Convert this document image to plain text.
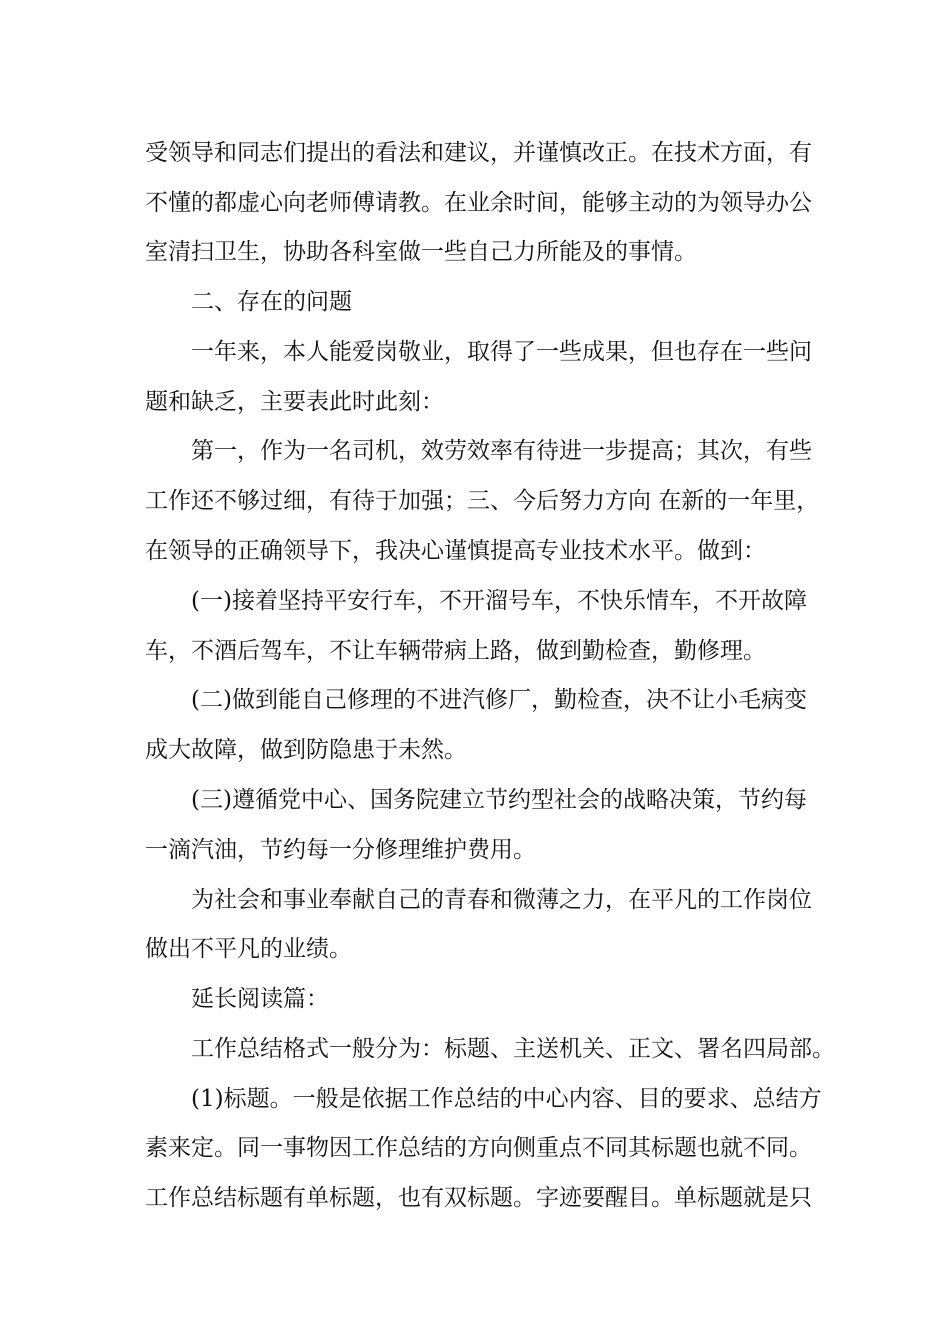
受领导和同志们提出的看法和建议，并谨慎改正。在技术方面，有
不懂的都虚心向老师傅请教。在业余时间，能够主动的为领导办公
室清扫卫生，协助各科室做一些自己力所能及的事情。
二、存在的问题
一年来，本人能爱岗敬业，取得了一些成果，但也存在一些问
题和缺乏，主要表此时此刻：
第一，作为一名司机，效劳效率有待进一步提高；其次，有些
工作还不够过细，有待于加强；三、今后努力方向 在新的一年里，
在领导的正确领导下，我决心谨慎提高专业技术水平。做到：
(一)接着坚持平安行车，不开溜号车，不快乐情车，不开故障
车，不酒后驾车，不让车辆带病上路，做到勤检查，勤修理。
(二)做到能自己修理的不进汽修厂，勤检查，决不让小毛病变
成大故障，做到防隐患于未然。
(三)遵循党中心、国务院建立节约型社会的战略决策，节约每
一滴汽油，节约每一分修理维护费用。
为社会和事业奉献自己的青春和微薄之力，在平凡的工作岗位
做出不平凡的业绩。
延长阅读篇：
工作总结格式一般分为：标题、主送机关、正文、署名四局部。
(1)标题。一般是依据工作总结的中心内容、目的要求、总结方
素来定。同一事物因工作总结的方向侧重点不同其标题也就不同。
工作总结标题有单标题，也有双标题。字迹要醒目。单标题就是只
